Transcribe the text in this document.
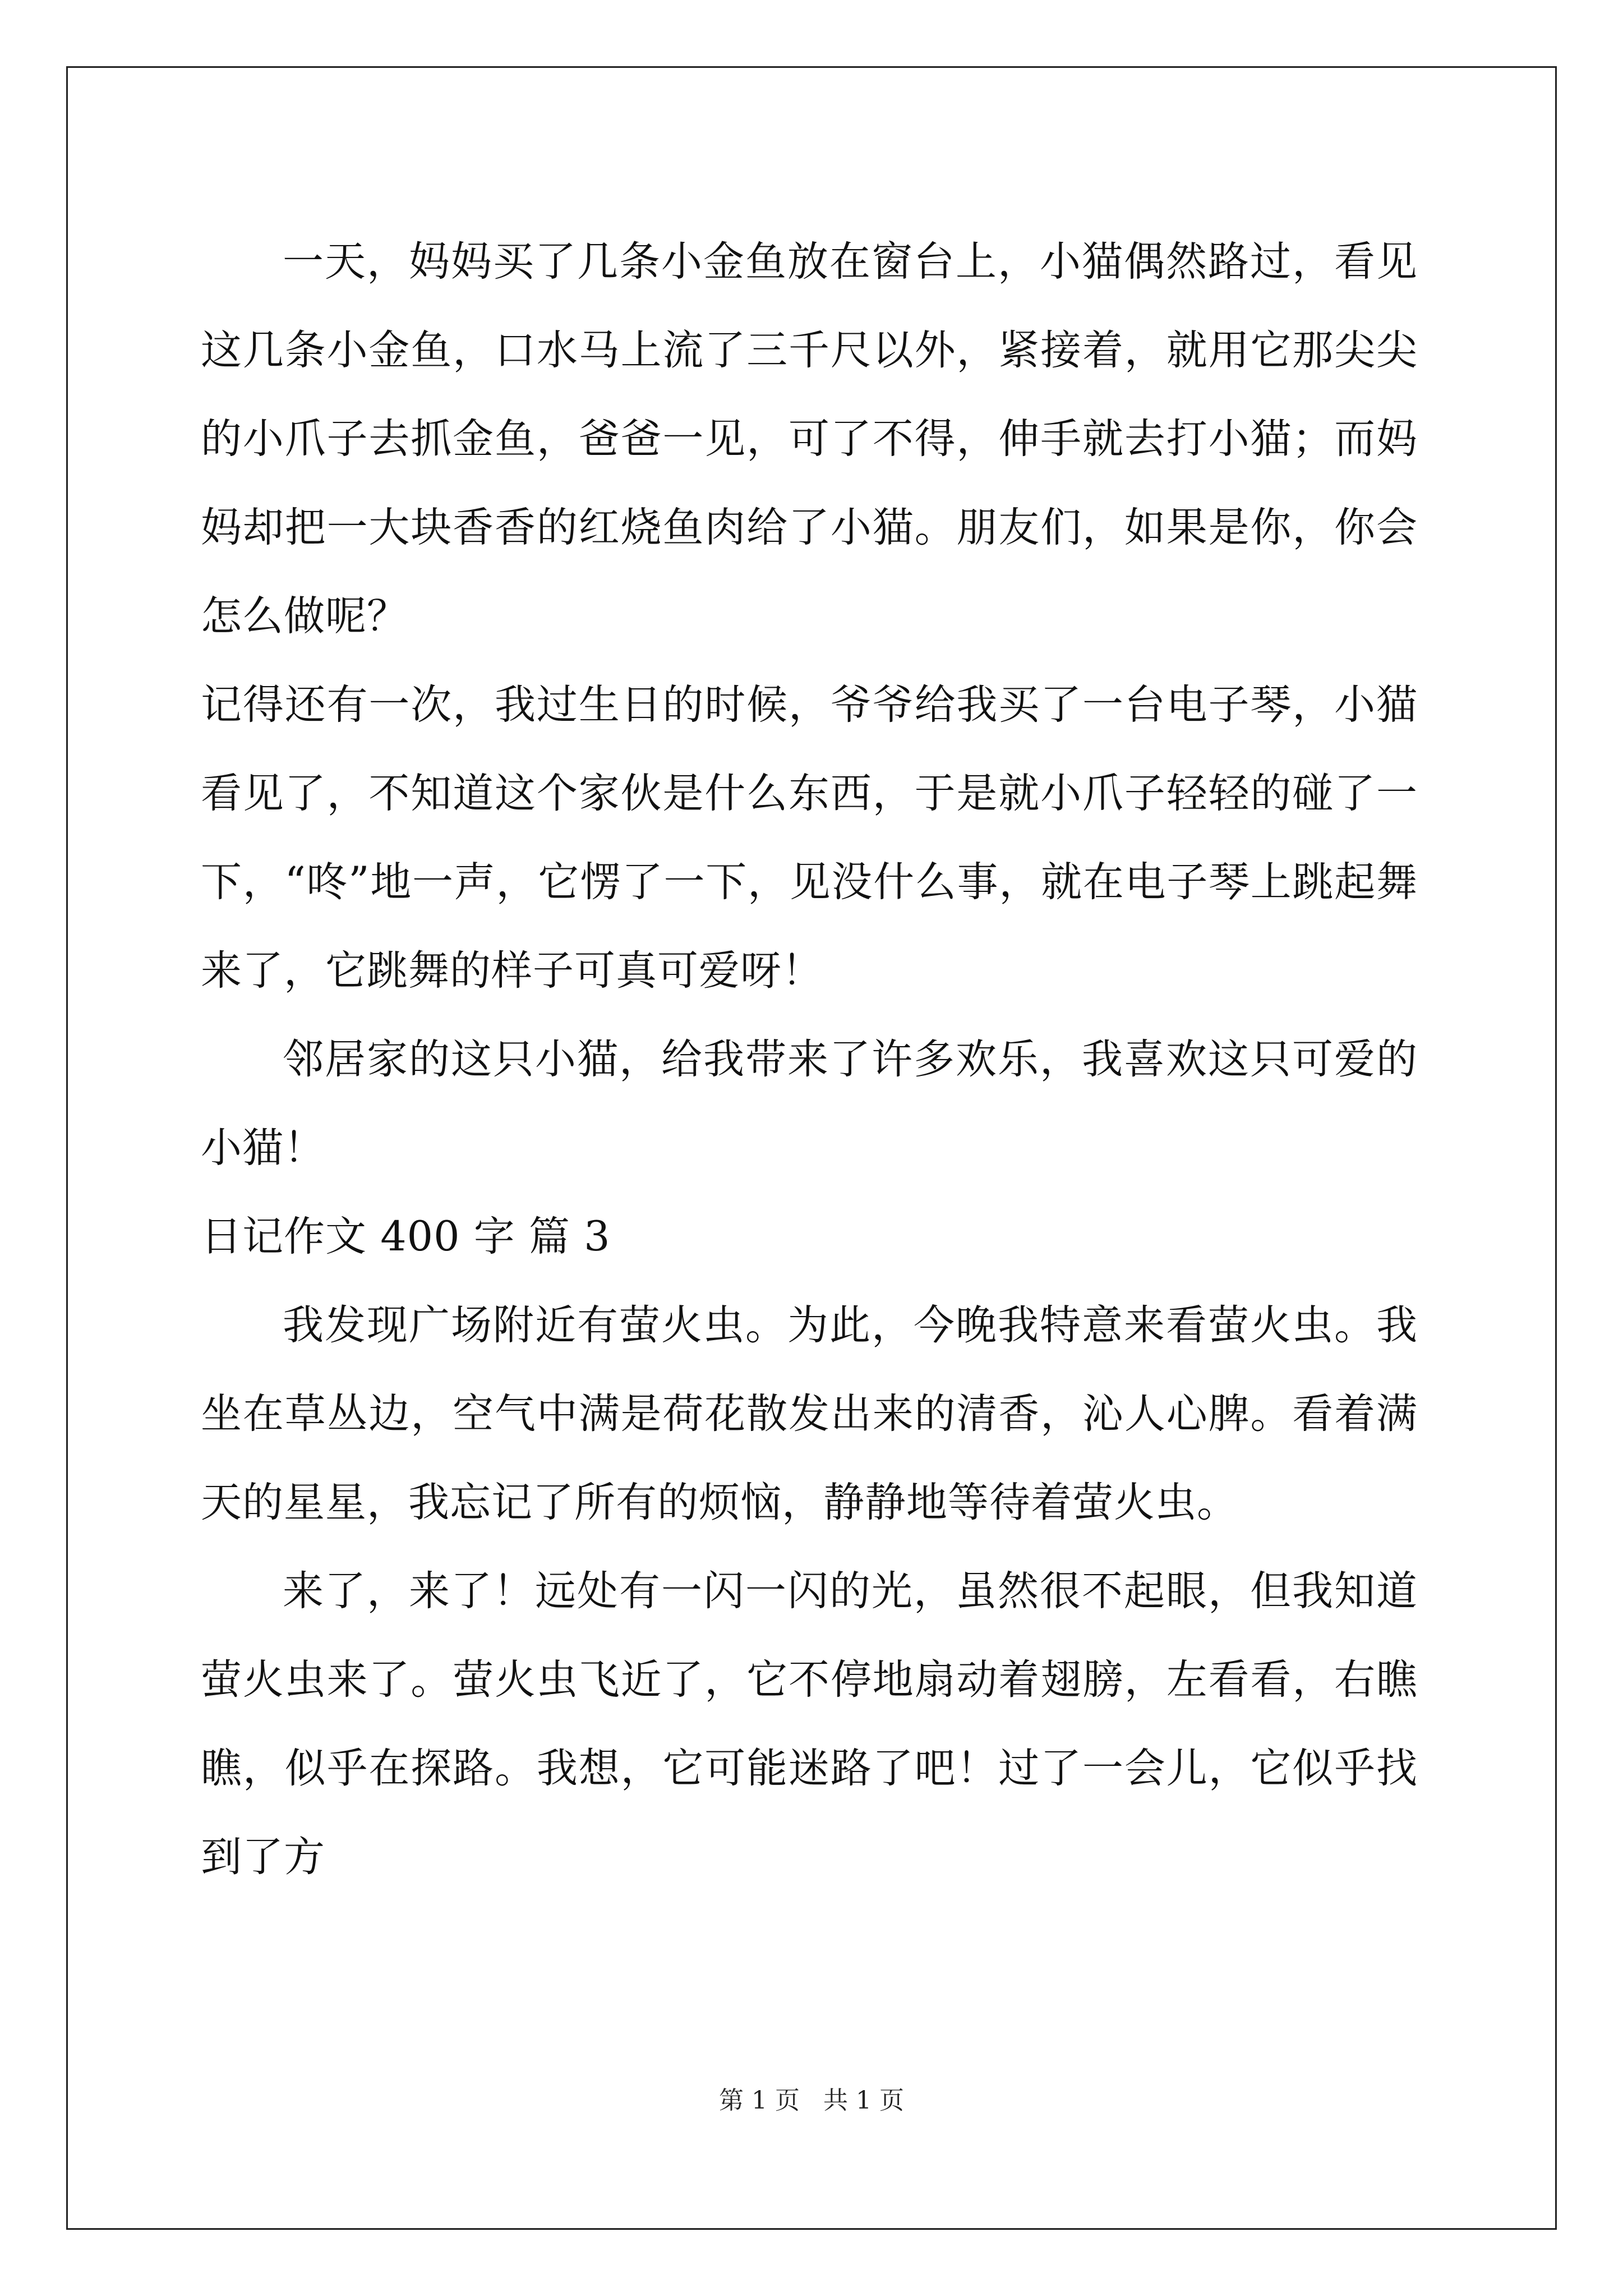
一天，妈妈买了几条小金鱼放在窗台上，小猫偶然路过，看见这几条小金鱼，口水马上流了三千尺以外，紧接着，就用它那尖尖的小爪子去抓金鱼，爸爸一见，可了不得，伸手就去打小猫；而妈妈却把一大块香香的红烧鱼肉给了小猫。朋友们，如果是你，你会怎么做呢？

记得还有一次，我过生日的时候，爷爷给我买了一台电子琴，小猫看见了，不知道这个家伙是什么东西，于是就小爪子轻轻的碰了一下，“咚”地一声，它愣了一下，见没什么事，就在电子琴上跳起舞来了，它跳舞的样子可真可爱呀！

邻居家的这只小猫，给我带来了许多欢乐，我喜欢这只可爱的小猫！

日记作文 400 字 篇 3

我发现广场附近有萤火虫。为此，今晚我特意来看萤火虫。我坐在草丛边，空气中满是荷花散发出来的清香，沁人心脾。看着满天的星星，我忘记了所有的烦恼，静静地等待着萤火虫。

来了，来了！远处有一闪一闪的光，虽然很不起眼，但我知道萤火虫来了。萤火虫飞近了，它不停地扇动着翅膀，左看看，右瞧瞧，似乎在探路。我想，它可能迷路了吧！过了一会儿，它似乎找到了方

第 1 页   共 1 页
